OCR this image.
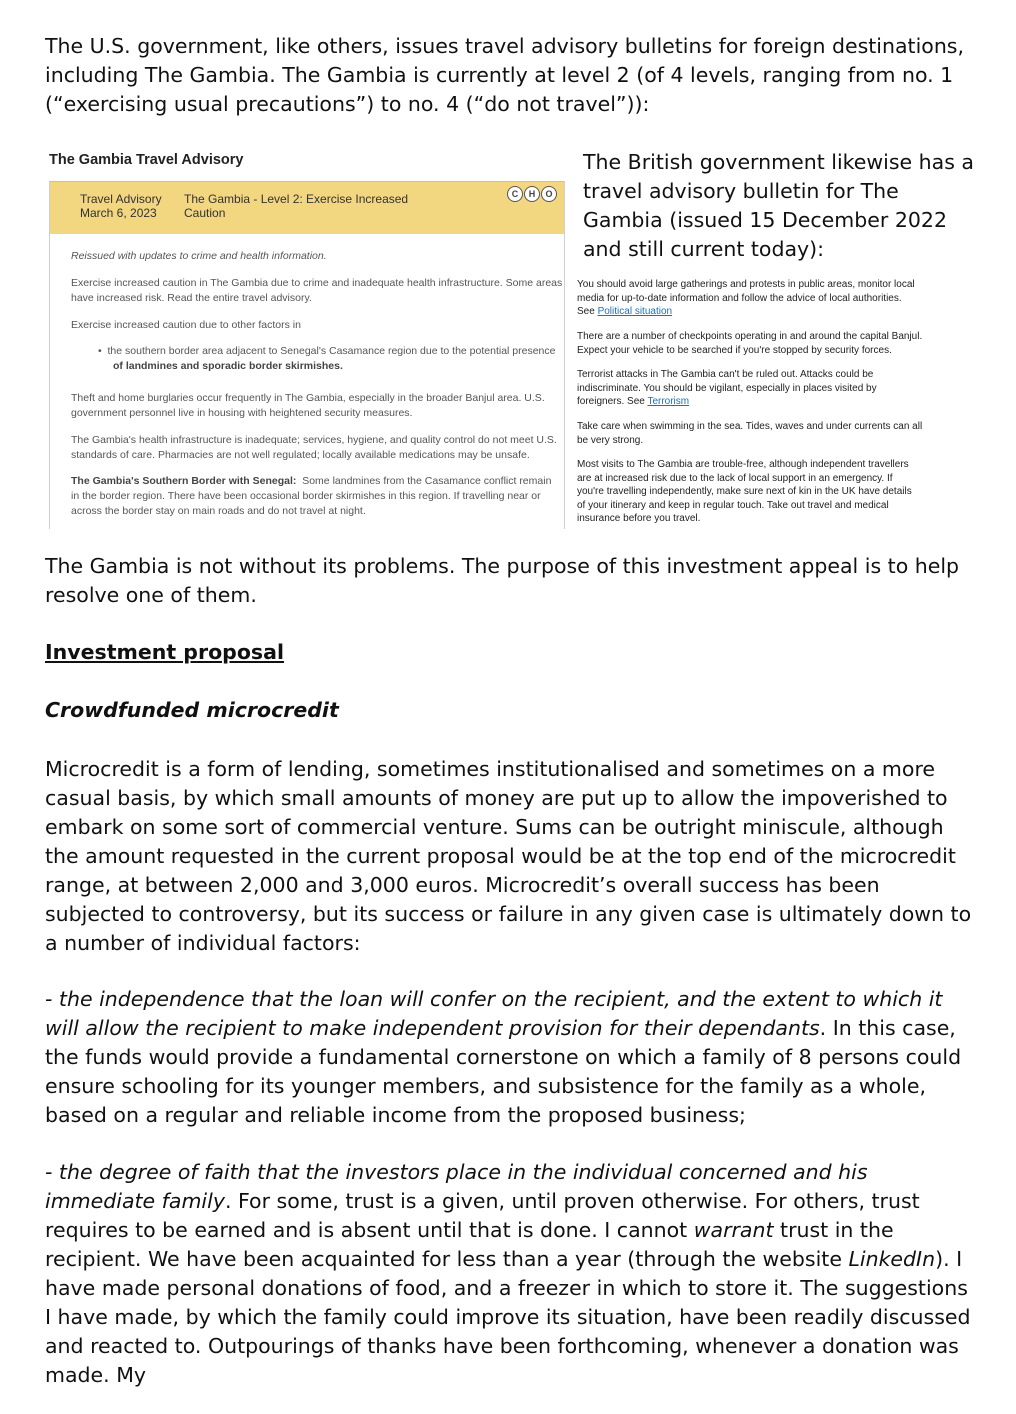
The U.S. government, like others, issues travel advisory bulletins for foreign destinations, including The Gambia. The Gambia is currently at level 2 (of 4 levels, ranging from no. 1 (“exercising usual precautions”) to no. 4 (“do not travel”)):

The Gambia Travel Advisory
Travel Advisory
March 6, 2023
The Gambia - Level 2: Exercise Increased
Caution
C	H	O

Reissued with updates to crime and health information.

Exercise increased caution in The Gambia due to crime and inadequate health infrastructure. Some areas
have increased risk. Read the entire travel advisory.

Exercise increased caution due to other factors in

•  the southern border area adjacent to Senegal's Casamance region due to the potential presence

of landmines and sporadic border skirmishes.

Theft and home burglaries occur frequently in The Gambia, especially in the broader Banjul area. U.S.
government personnel live in housing with heightened security measures.

The Gambia's health infrastructure is inadequate; services, hygiene, and quality control do not meet U.S.
standards of care. Pharmacies are not well regulated; locally available medications may be unsafe.

The Gambia's Southern Border with Senegal: Some landmines from the Casamance conflict remain
in the border region. There have been occasional border skirmishes in this region. If travelling near or
across the border stay on main roads and do not travel at night.

The British government likewise has a travel advisory bulletin for The Gambia (issued 15 December 2022 and still current today):

You should avoid large gatherings and protests in public areas, monitor local
media for up-to-date information and follow the advice of local authorities.
See Political situation

There are a number of checkpoints operating in and around the capital Banjul.
Expect your vehicle to be searched if you're stopped by security forces.

Terrorist attacks in The Gambia can't be ruled out. Attacks could be
indiscriminate. You should be vigilant, especially in places visited by
foreigners. See Terrorism

Take care when swimming in the sea. Tides, waves and under currents can all
be very strong.

Most visits to The Gambia are trouble-free, although independent travellers
are at increased risk due to the lack of local support in an emergency. If
you're travelling independently, make sure next of kin in the UK have details
of your itinerary and keep in regular touch. Take out travel and medical
insurance before you travel.

The Gambia is not without its problems. The purpose of this investment appeal is to help resolve one of them.

Investment proposal

Crowdfunded microcredit

Microcredit is a form of lending, sometimes institutionalised and sometimes on a more casual basis, by which small amounts of money are put up to allow the impoverished to embark on some sort of commercial venture. Sums can be outright miniscule, although the amount requested in the current proposal would be at the top end of the microcredit range, at between 2,000 and 3,000 euros. Microcredit’s overall success has been subjected to controversy, but its success or failure in any given case is ultimately down to a number of individual factors:

- the independence that the loan will confer on the recipient, and the extent to which it will allow the recipient to make independent provision for their dependants. In this case, the funds would provide a fundamental cornerstone on which a family of 8 persons could ensure schooling for its younger members, and subsistence for the family as a whole, based on a regular and reliable income from the proposed business;

- the degree of faith that the investors place in the individual concerned and his immediate family. For some, trust is a given, until proven otherwise. For others, trust requires to be earned and is absent until that is done. I cannot warrant trust in the recipient. We have been acquainted for less than a year (through the website LinkedIn). I have made personal donations of food, and a freezer in which to store it. The suggestions I have made, by which the family could improve its situation, have been readily discussed and reacted to. Outpourings of thanks have been forthcoming, whenever a donation was made. My
